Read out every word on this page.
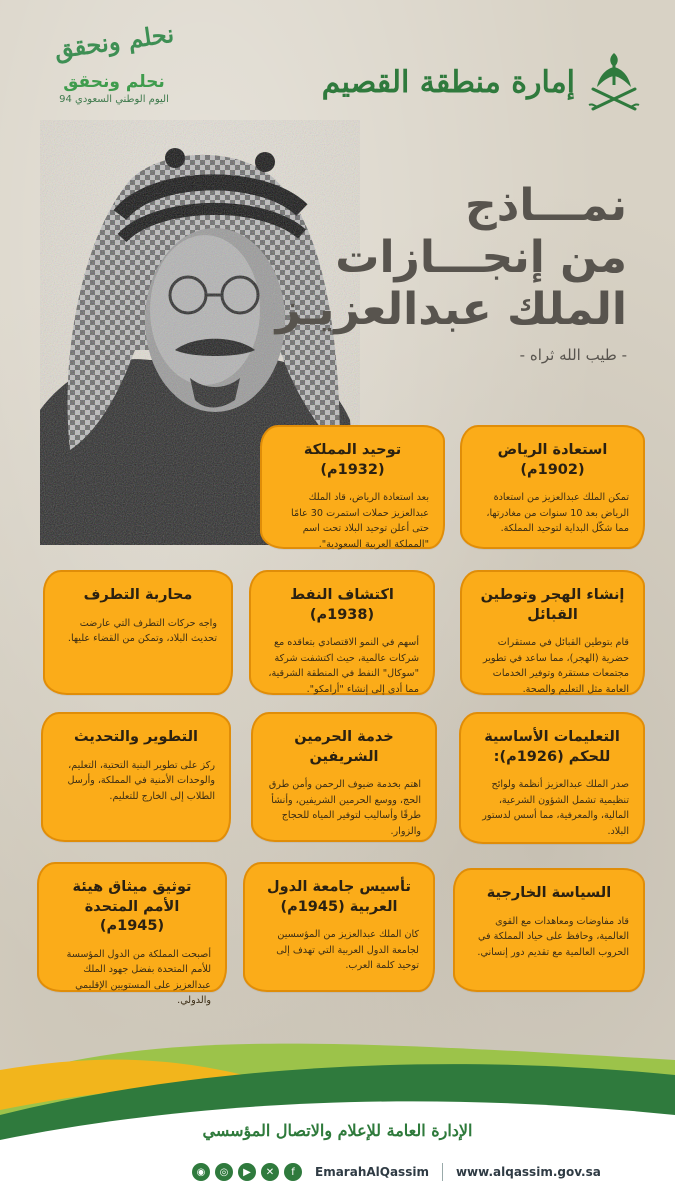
نحلم ونحقق
نحلم ونحقق
اليوم الوطني السعودي 94	إمارة منطقة القصيم
نمـــاذج
من إنجـــازات
الملك عبدالعزيـز
- طيب الله ثراه -
استعادة الرياض (1902م)

تمكن الملك عبدالعزيز من استعادة الرياض بعد 10 سنوات من مغادرتها، مما شكّل البداية لتوحيد المملكة.

توحيد المملكة (1932م)

بعد استعادة الرياض، قاد الملك عبدالعزيز حملات استمرت 30 عامًا حتى أعلن توحيد البلاد تحت اسم "المملكة العربية السعودية".

إنشاء الهجر وتوطين القبائل

قام بتوطين القبائل في مستقرات حضرية (الهجر)، مما ساعد في تطوير مجتمعات مستقرة وتوفير الخدمات العامة مثل التعليم والصحة.

اكتشاف النفط (1938م)

أسهم في النمو الاقتصادي بتعاقده مع شركات عالمية، حيث اكتشفت شركة "سوكال" النفط في المنطقة الشرقية، مما أدى إلى إنشاء "أرامكو".

محاربة التطرف

واجه حركات التطرف التي عارضت تحديث البلاد، وتمكن من القضاء عليها.

التعليمات الأساسية للحكم (1926م):

صدر الملك عبدالعزيز أنظمة ولوائح تنظيمية تشمل الشؤون الشرعية، المالية، والمعرفية، مما أسس لدستور البلاد.

خدمة الحرمين الشريفين

اهتم بخدمة ضيوف الرحمن وأمن طرق الحج، ووسع الحرمين الشريفين، وأنشأ طرقًا وأساليب لتوفير المياه للحجاج والزوار.

التطوير والتحديث

ركز على تطوير البنية التحتية، التعليم، والوحدات الأمنية في المملكة، وأرسل الطلاب إلى الخارج للتعليم.

السياسة الخارجية

قاد مفاوضات ومعاهدات مع القوى العالمية، وحافظ على حياد المملكة في الحروب العالمية مع تقديم دور إنساني.

تأسيس جامعة الدول العربية (1945م)

كان الملك عبدالعزيز من المؤسسين لجامعة الدول العربية التي تهدف إلى توحيد كلمة العرب.

توثيق ميثاق هيئة الأمم المتحدة (1945م)

أصبحت المملكة من الدول المؤسسة للأمم المتحدة بفضل جهود الملك عبدالعزيز على المستويين الإقليمي والدولي.

الإدارة العامة للإعلام والاتصال المؤسسي
◉	◎	▶	✕	f	EmarahAlQassim www.alqassim.gov.sa
